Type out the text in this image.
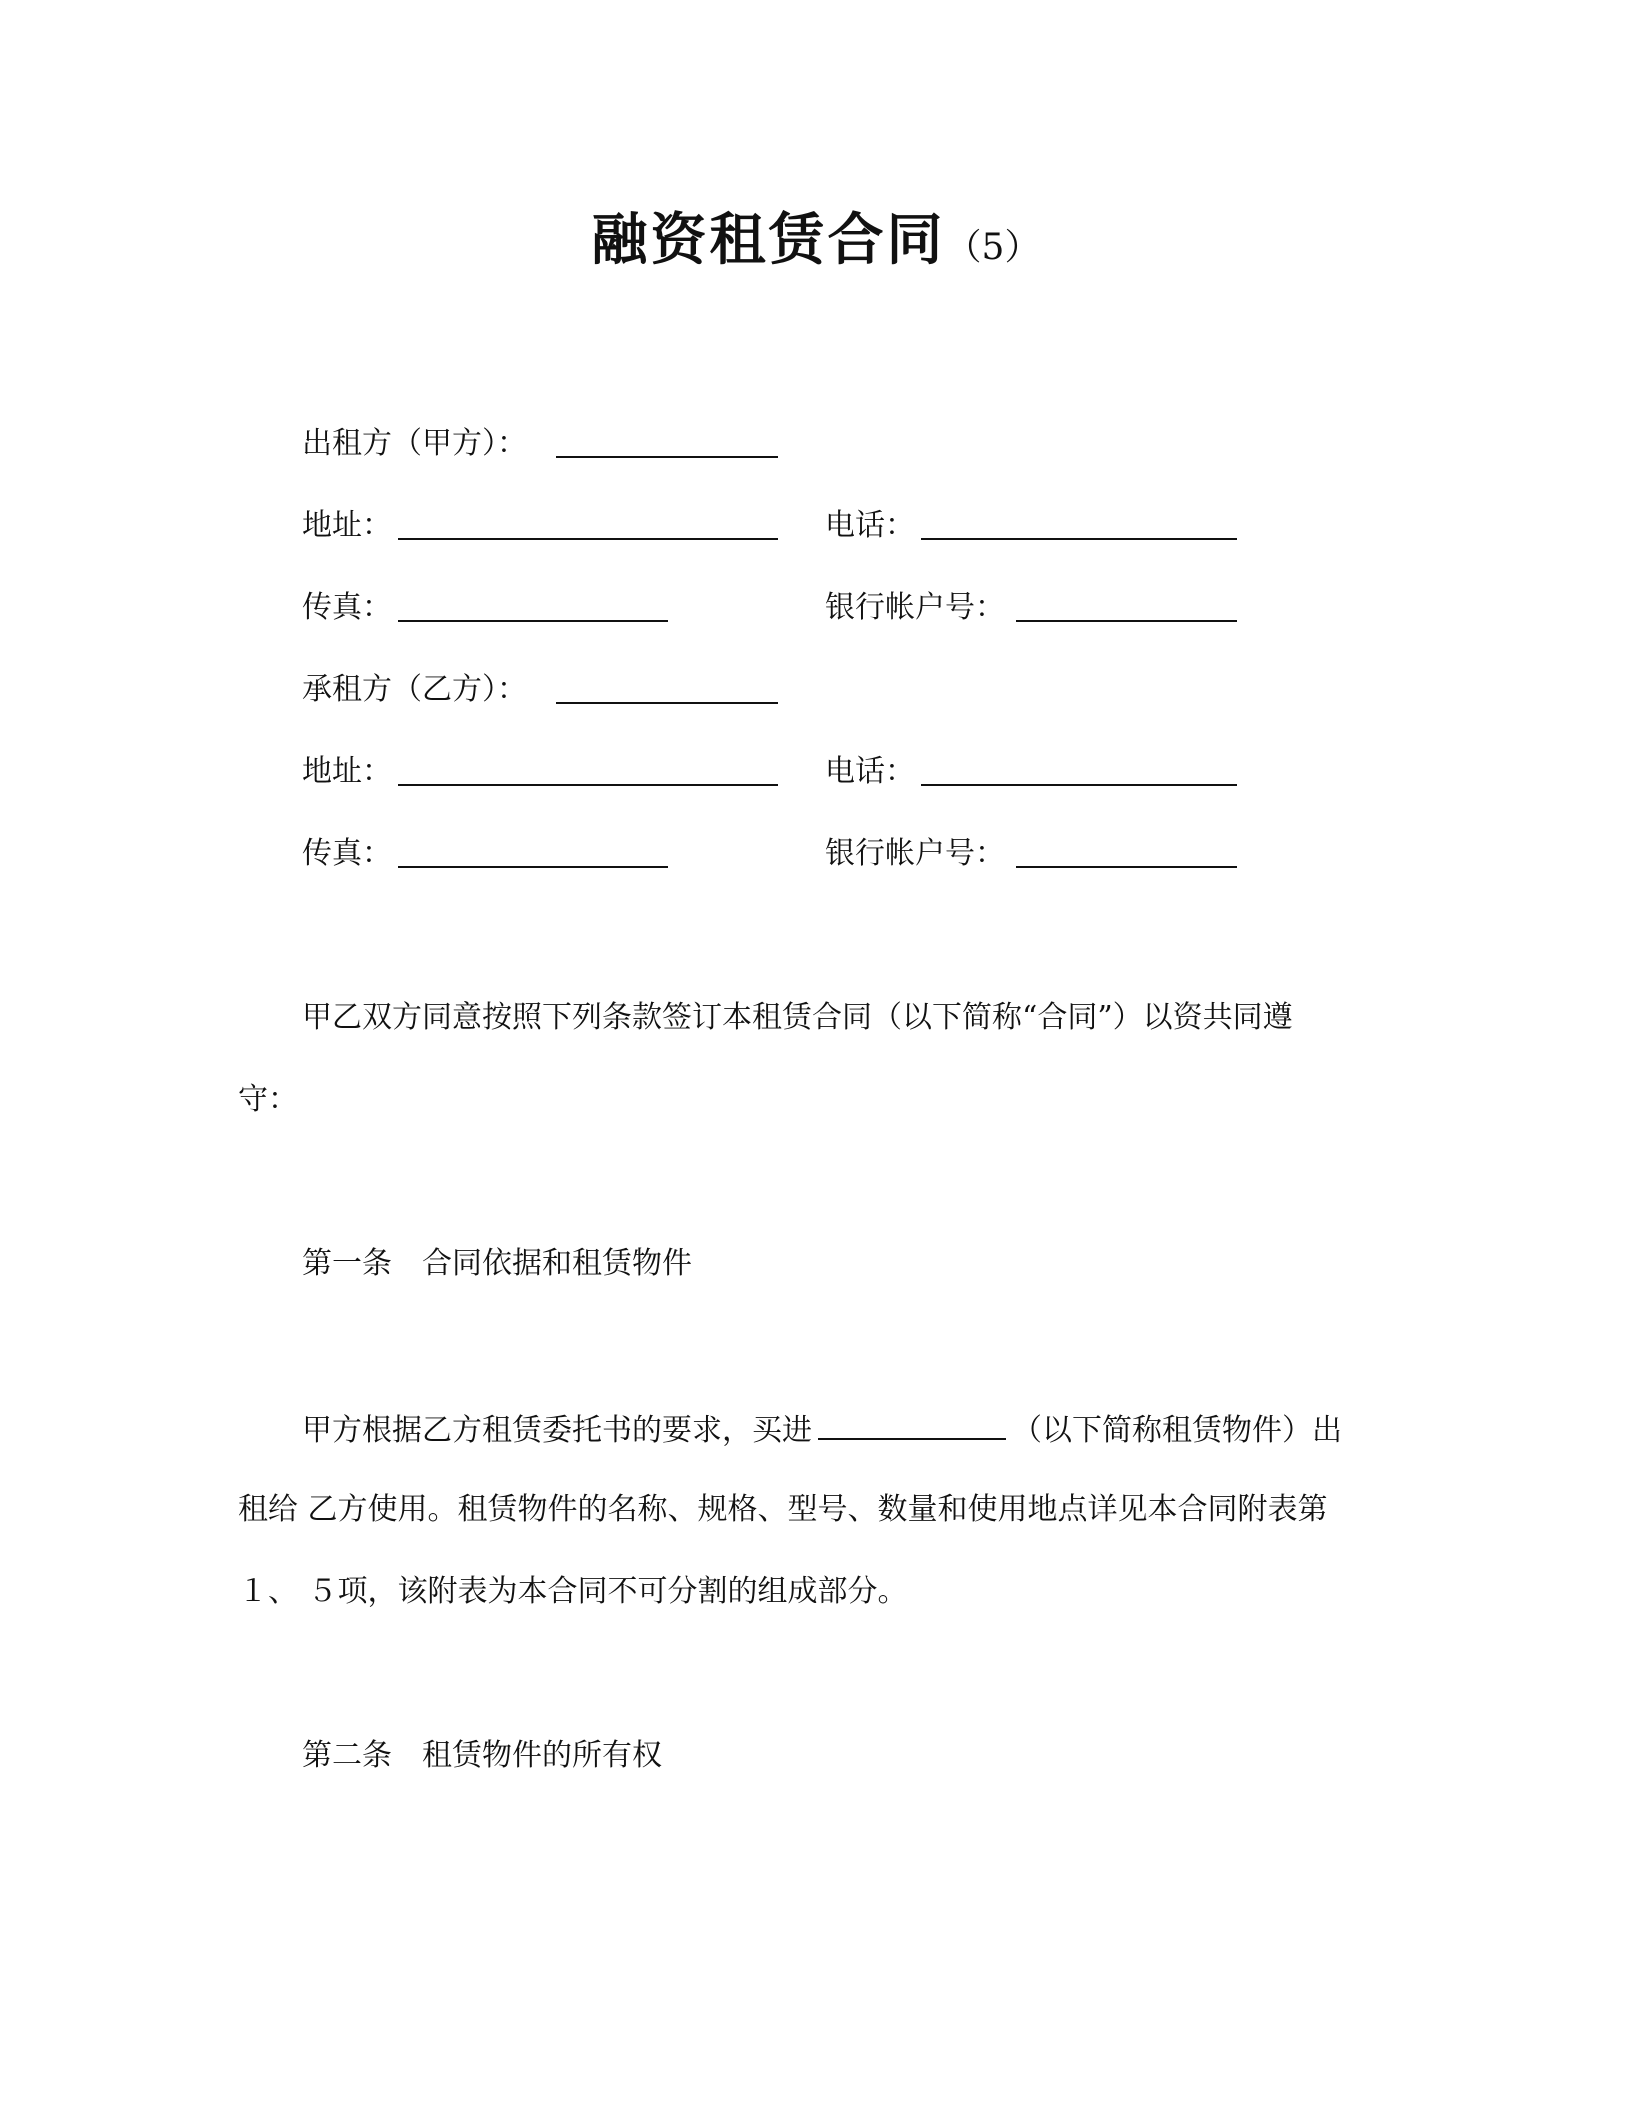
融资租赁合同（5）
出租方（甲方）：
地址：	电话：
传真：	银行帐户号：
承租方（乙方）：
地址：	电话：
传真：	银行帐户号：
甲乙双方同意按照下列条款签订本租赁合同（以下简称“合同”）以资共同遵
守：
第一条　合同依据和租赁物件
甲方根据乙方租赁委托书的要求，买进	（以下简称租赁物件）出
租给 乙方使用。租赁物件的名称、规格、型号、数量和使用地点详见本合同附表第
１、 ５项，该附表为本合同不可分割的组成部分。
第二条　租赁物件的所有权
